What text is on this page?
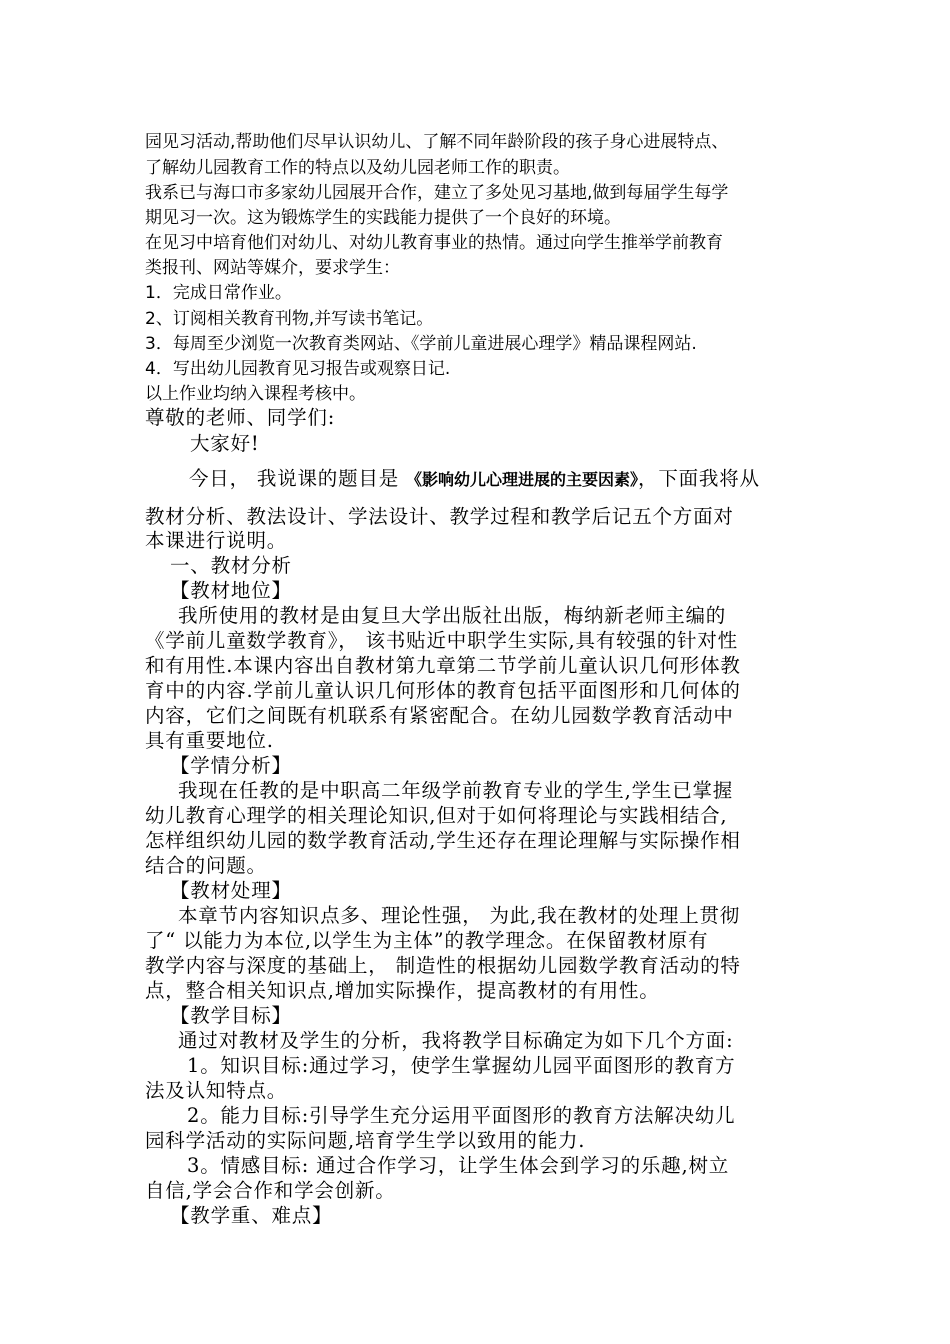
园见习活动,帮助他们尽早认识幼儿、了解不同年龄阶段的孩子身心进展特点、

了解幼儿园教育工作的特点以及幼儿园老师工作的职责。

我系已与海口市多家幼儿园展开合作，建立了多处见习基地,做到每届学生每学

期见习一次。这为锻炼学生的实践能力提供了一个良好的环境。

在见习中培育他们对幼儿、对幼儿教育事业的热情。通过向学生推举学前教育

类报刊、网站等媒介，要求学生：

1．完成日常作业。

2、订阅相关教育刊物,并写读书笔记。

3．每周至少浏览一次教育类网站、《学前儿童进展心理学》精品课程网站.

4．写出幼儿园教育见习报告或观察日记.

以上作业均纳入课程考核中。

尊敬的老师、同学们:

大家好!

今日， 我说课的题目是 《影响幼儿心理进展的主要因素》，下面我将从

教材分析、教法设计、学法设计、教学过程和教学后记五个方面对

本课进行说明。

一、教材分析

【教材地位】

我所使用的教材是由复旦大学出版社出版，梅纳新老师主编的

《学前儿童数学教育》， 该书贴近中职学生实际,具有较强的针对性

和有用性.本课内容出自教材第九章第二节学前儿童认识几何形体教

育中的内容.学前儿童认识几何形体的教育包括平面图形和几何体的

内容，它们之间既有机联系有紧密配合。在幼儿园数学教育活动中

具有重要地位.

【学情分析】

我现在任教的是中职高二年级学前教育专业的学生,学生已掌握

幼儿教育心理学的相关理论知识,但对于如何将理论与实践相结合,

怎样组织幼儿园的数学教育活动,学生还存在理论理解与实际操作相

结合的问题。

【教材处理】

本章节内容知识点多、理论性强， 为此,我在教材的处理上贯彻

了“ 以能力为本位,以学生为主体”的教学理念。在保留教材原有

教学内容与深度的基础上， 制造性的根据幼儿园数学教育活动的特

点，整合相关知识点,增加实际操作，提高教材的有用性。

【教学目标】

通过对教材及学生的分析，我将教学目标确定为如下几个方面:

1。知识目标:通过学习，使学生掌握幼儿园平面图形的教育方

法及认知特点。

2。能力目标:引导学生充分运用平面图形的教育方法解决幼儿

园科学活动的实际问题,培育学生学以致用的能力.

3。情感目标: 通过合作学习，让学生体会到学习的乐趣,树立

自信,学会合作和学会创新。

【教学重、难点】
